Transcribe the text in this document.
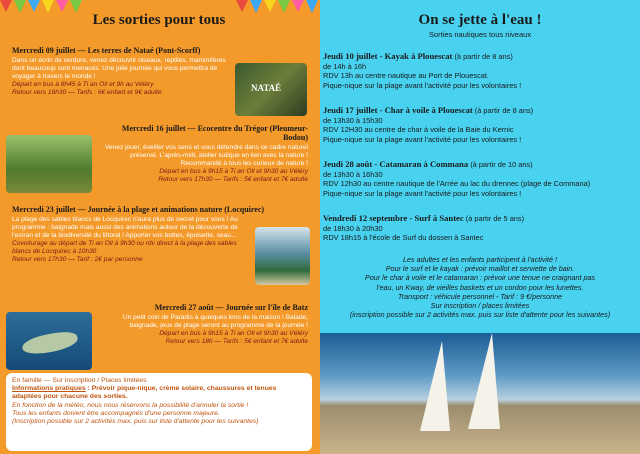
Les sorties pour tous
Mercredi 09 juillet — Les terres de Nataé (Pont-Scorff)
Dans un écrin de verdure, venez découvrir oiseaux, reptiles, mammifères dont beaucoup sont menacés. Une jolie journée qui vous permettra de voyager à travers le monde !
Départ en bus à 8h45 à Ti an Oll et 9h au Véléry
Retour vers 18h30 — Tarifs : 6€ enfant et 9€ adulte	NATAÉ
Mercredi 16 juillet — Ecocentre du Trégor (Pleumeur-Bodou)
Venez jouer, éveiller vos sens et vous détendre dans ce cadre naturel préservé. L'après-midi, atelier ludique en lien avec la nature ! Recommandé à tous les curieux de nature !
Départ en bus à 9h15 à Ti an Oll et 9h30 au Véléry
Retour vers 17h30 — Tarifs : 5€ enfant et 7€ adulte
Mercredi 23 juillet — Journée à la plage et animations nature (Locquirec)
La plage des sables blancs de Locquirec n'aura plus de secret pour vous ! Au programme : baignade mais aussi des animations autour de la découverte de l'estran et de la biodiversité du littoral ! Apporter vos bottes, épuisette, seau...
Covoiturage au départ de Ti an Oll à 9h30 ou rdv direct à la plage des sables blancs de Locquirec à 10h30
Retour vers 17h30 — Tarif : 2€ par personne
Mercredi 27 août — Journée sur l'île de Batz
Un petit coin de Paradis à quelques kms de la maison ! Balade, baignade, jeux de plage seront au programme de la journée !
Départ en bus à 9h15 à Ti an Oll et 9h30 au Véléry
Retour vers 18h — Tarifs : 5€ enfant et 7€ adulte
En famille — Sur inscription / Places limitées
Informations pratiques : Prévoir pique-nique, crème solaire, chaussures et tenues adaptées pour chacune des sorties.
En fonction de la météo, nous nous réservons la possibilité d'annuler la sortie !
Tous les enfants doivent être accompagnés d'une personne majeure.
(Inscription possible sur 2 activités max. puis sur liste d'attente pour les suivantes)
On se jette à l'eau !
Sorties nautiques tous niveaux
Jeudi 10 juillet - Kayak à Plouescat (à partir de 8 ans)
de 14h à 16h
RDV 13h au centre nautique au Port de Plouescat.
Pique-nique sur la plage avant l'activité pour les volontaires !
Jeudi 17 juillet - Char à voile à Plouescat (à partir de 8 ans)
de 13h30 à 15h30
RDV 12H30 au centre de char à voile de la Baie du Kernic
Pique-nique sur la plage avant l'activité pour les volontaires !
Jeudi 28 août - Catamaran à Commana (à partir de 10 ans)
de 13h30 à 16h30
RDV 12h30 au centre nautique de l'Arrée au lac du drennec (plage de Commana)
Pique-nique sur la plage avant l'activité pour les volontaires !
Vendredi 12 septembre - Surf à Santec (à partir de 5 ans)
de 18h30 à 20h30
RDV 18h15 à l'école de Surf du dossen à Santec
Les adultes et les enfants participent à l'activité !
Pour le surf et le kayak : prévoir maillot et serviette de bain.
Pour le char à voile et le catamaran : prévoir une tenue ne craignant pas
l'eau, un Kway, de vieilles baskets et un cordon pour les lunettes.
Transport : véhicule personnel - Tarif : 9 €/personne
Sur inscription / places limitées
(inscription possible sur 2 activités max. puis sur liste d'attente pour les suivantes)
